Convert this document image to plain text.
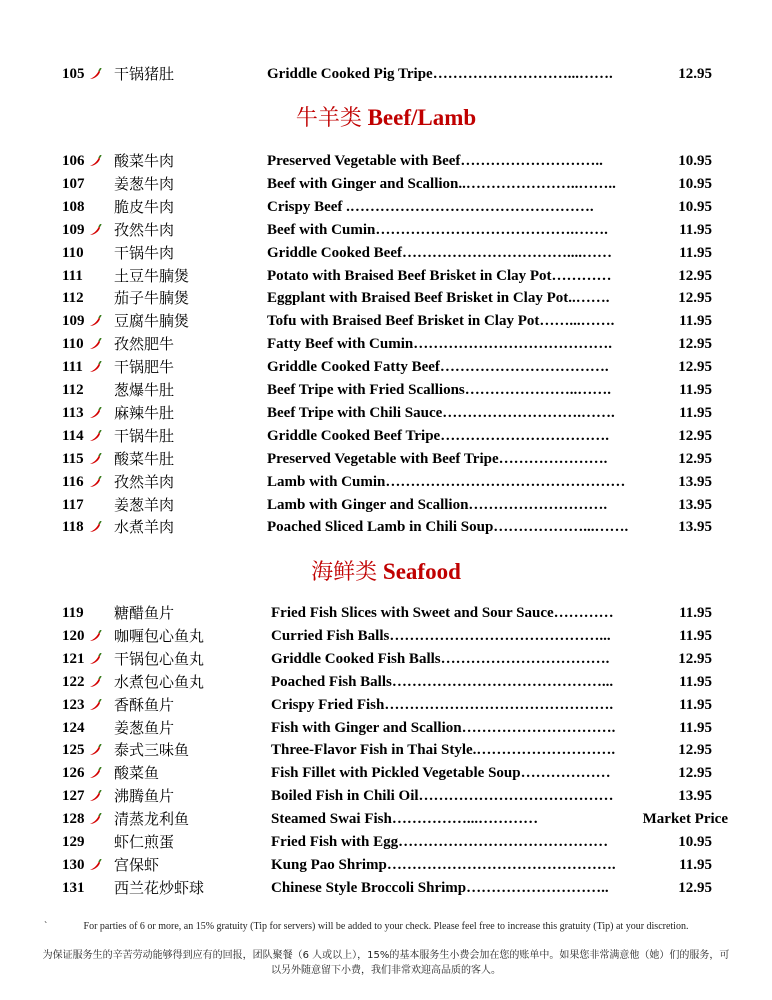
105	干锅猪肚	Griddle Cooked Pig Tripe………………………...…….	12.95
106	酸菜牛肉	Preserved Vegetable with Beef………………………..	10.95
107	姜葱牛肉	Beef with Ginger and Scallion..…………………..……..	10.95
108	脆皮牛肉	Crispy Beef .………………………………………….	10.95
109	孜然牛肉	Beef with Cumin………………………………….…….	11.95
110	干锅牛肉	Griddle Cooked Beef……………………………....……	11.95
111	土豆牛腩煲	Potato with Braised Beef Brisket in Clay Pot…………	12.95
112	茄子牛腩煲	Eggplant with Braised Beef Brisket in Clay Pot..…….	12.95
109	豆腐牛腩煲	Tofu with Braised Beef Brisket in Clay Pot……...…….	11.95
110	孜然肥牛	Fatty Beef with Cumin………………………………….	12.95
111	干锅肥牛	Griddle Cooked Fatty Beef…………………………….	12.95
112	葱爆牛肚	Beef Tripe with Fried Scallions…………………..…….	11.95
113	麻辣牛肚	Beef Tripe with Chili Sauce……………………….…….	11.95
114	干锅牛肚	Griddle Cooked Beef Tripe…………………………….	12.95
115	酸菜牛肚	Preserved Vegetable with Beef Tripe………………….	12.95
116	孜然羊肉	Lamb with Cumin…………………………………………	13.95
117	姜葱羊肉	Lamb with Ginger and Scallion……………………….	13.95
118	水煮羊肉	Poached Sliced Lamb in Chili Soup………………...…….	13.95
119	糖醋鱼片	Fried Fish Slices with Sweet and Sour Sauce…………	11.95
120	咖喱包心鱼丸	Curried Fish Balls……………………………………...	11.95
121	干锅包心鱼丸	Griddle Cooked Fish Balls…………………………….	12.95
122	水煮包心鱼丸	Poached Fish Balls……………………………………...	11.95
123	香酥鱼片	Crispy Fried Fish……………………………………….	11.95
124	姜葱鱼片	Fish with Ginger and Scallion………………………….	11.95
125	泰式三味鱼	Three-Flavor Fish in Thai Style.……………………….	12.95
126	酸菜鱼	Fish Fillet with Pickled Vegetable Soup………………	12.95
127	沸腾鱼片	Boiled Fish in Chili Oil…………………………………	13.95
128	清蒸龙利鱼	Steamed Swai Fish……………...…………	Market Price
129	虾仁煎蛋	Fried Fish with Egg……………………………………	10.95
130	宫保虾	Kung Pao Shrimp……………………………………….	11.95
131	西兰花炒虾球	Chinese Style Broccoli Shrimp………………………..	12.95
牛羊类 Beef/Lamb
海鲜类 Seafood
`	For parties of 6 or more, an 15% gratuity (Tip for servers) will be added to your check. Please feel free to increase this gratuity (Tip) at your discretion.
为保证服务生的辛苦劳动能够得到应有的回报，团队聚餐（6 人或以上），15%的基本服务生小费会加在您的账单中。如果您非常满意他（她）们的服务，可以另外随意留下小费，我们非常欢迎高品质的客人。
